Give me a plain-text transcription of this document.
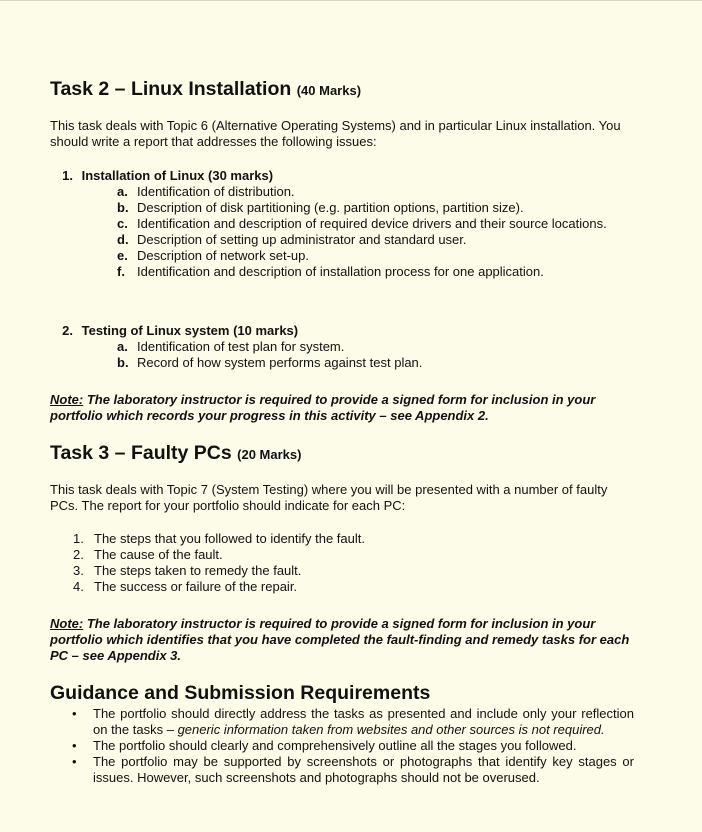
Task 2 – Linux Installation (40 Marks)

This task deals with Topic 6 (Alternative Operating Systems) and in particular Linux installation. You should write a report that addresses the following issues:

1. Installation of Linux (30 marks)
a. Identification of distribution.
b. Description of disk partitioning (e.g. partition options, partition size).
c. Identification and description of required device drivers and their source locations.
d. Description of setting up administrator and standard user.
e. Description of network set-up.
f. Identification and description of installation process for one application.
2. Testing of Linux system (10 marks)
a. Identification of test plan for system.
b. Record of how system performs against test plan.

Note: The laboratory instructor is required to provide a signed form for inclusion in your portfolio which records your progress in this activity – see Appendix 2.

Task 3 – Faulty PCs (20 Marks)

This task deals with Topic 7 (System Testing) where you will be presented with a number of faulty PCs. The report for your portfolio should indicate for each PC:

1. The steps that you followed to identify the fault.
2. The cause of the fault.
3. The steps taken to remedy the fault.
4. The success or failure of the repair.

Note: The laboratory instructor is required to provide a signed form for inclusion in your portfolio which identifies that you have completed the fault-finding and remedy tasks for each PC – see Appendix 3.

Guidance and Submission Requirements
• The portfolio should directly address the tasks as presented and include only your reflection on the tasks – generic information taken from websites and other sources is not required.
• The portfolio should clearly and comprehensively outline all the stages you followed.
• The portfolio may be supported by screenshots or photographs that identify key stages or issues. However, such screenshots and photographs should not be overused.
